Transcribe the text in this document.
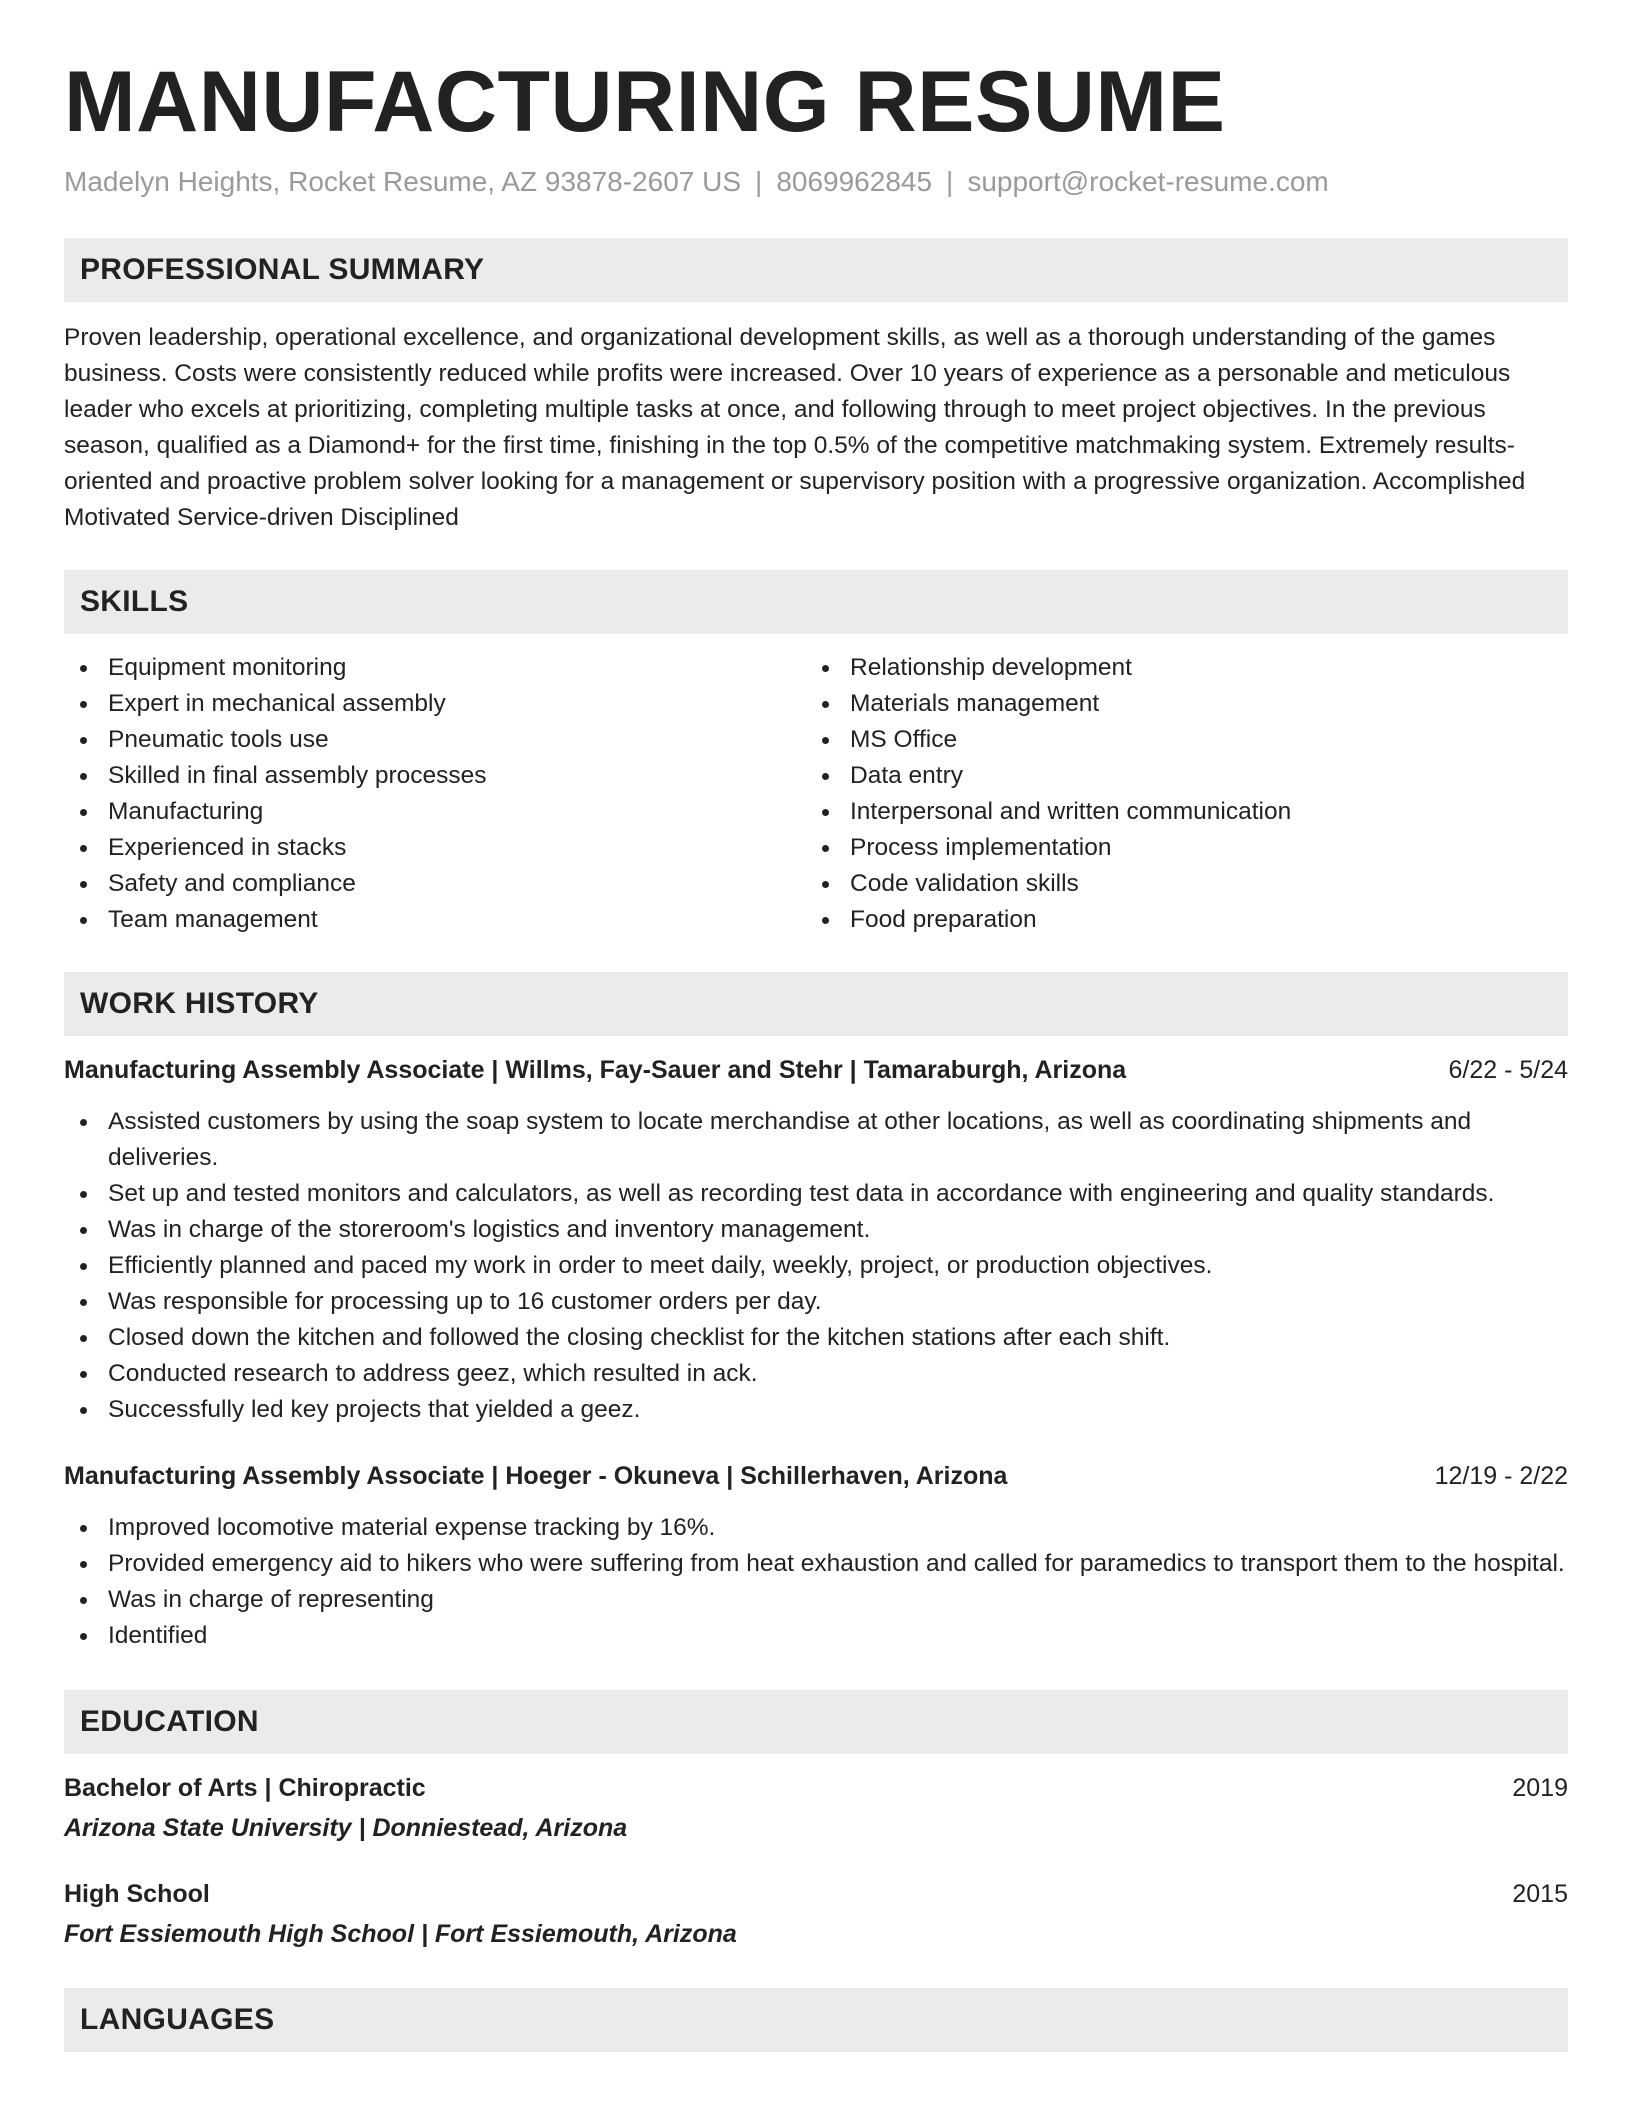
MANUFACTURING RESUME
Madelyn Heights, Rocket Resume, AZ 93878-2607 US | 8069962845 | support@rocket-resume.com
PROFESSIONAL SUMMARY

Proven leadership, operational excellence, and organizational development skills, as well as a thorough understanding of the games business. Costs were consistently reduced while profits were increased. Over 10 years of experience as a personable and meticulous leader who excels at prioritizing, completing multiple tasks at once, and following through to meet project objectives. In the previous season, qualified as a Diamond+ for the first time, finishing in the top 0.5% of the competitive matchmaking system. Extremely results-oriented and proactive problem solver looking for a management or supervisory position with a progressive organization. Accomplished Motivated Service-driven Disciplined

SKILLS
Equipment monitoring
Expert in mechanical assembly
Pneumatic tools use
Skilled in final assembly processes
Manufacturing
Experienced in stacks
Safety and compliance
Team management
Relationship development
Materials management
MS Office
Data entry
Interpersonal and written communication
Process implementation
Code validation skills
Food preparation
WORK HISTORY
Manufacturing Assembly Associate | Willms, Fay-Sauer and Stehr | Tamaraburgh, Arizona	6/22 - 5/24
Assisted customers by using the soap system to locate merchandise at other locations, as well as coordinating shipments and deliveries.
Set up and tested monitors and calculators, as well as recording test data in accordance with engineering and quality standards.
Was in charge of the storeroom's logistics and inventory management.
Efficiently planned and paced my work in order to meet daily, weekly, project, or production objectives.
Was responsible for processing up to 16 customer orders per day.
Closed down the kitchen and followed the closing checklist for the kitchen stations after each shift.
Conducted research to address geez, which resulted in ack.
Successfully led key projects that yielded a geez.
Manufacturing Assembly Associate | Hoeger - Okuneva | Schillerhaven, Arizona	12/19 - 2/22
Improved locomotive material expense tracking by 16%.
Provided emergency aid to hikers who were suffering from heat exhaustion and called for paramedics to transport them to the hospital.
Was in charge of representing
Identified
EDUCATION
Bachelor of Arts | Chiropractic	2019
Arizona State University | Donniestead, Arizona
High School	2015
Fort Essiemouth High School | Fort Essiemouth, Arizona
LANGUAGES
